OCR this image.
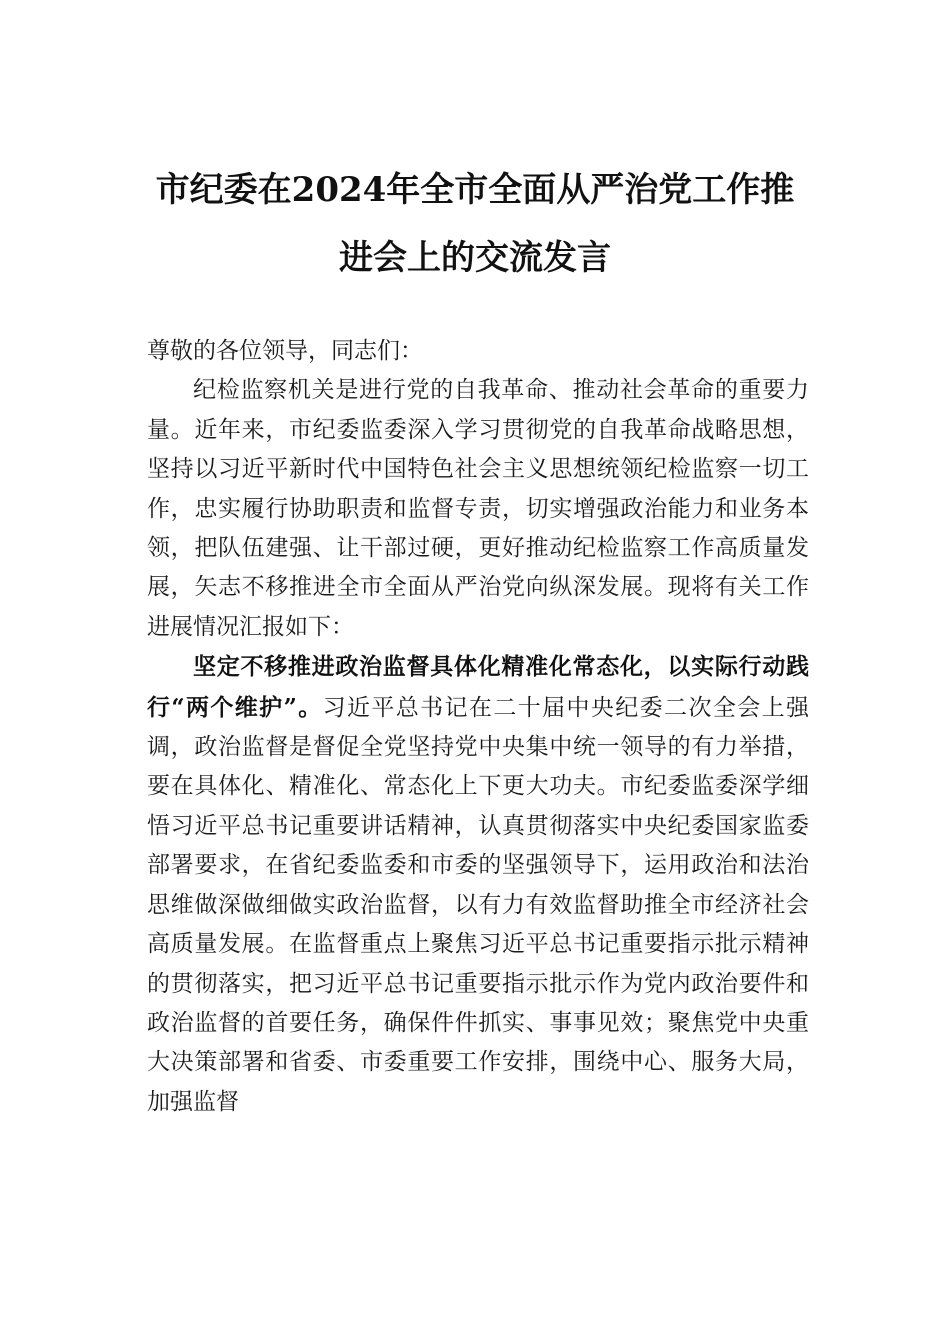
市纪委在2024年全市全面从严治党工作推
进会上的交流发言

尊敬的各位领导，同志们：

纪检监察机关是进行党的自我革命、推动社会革命的重要力量。近年来，市纪委监委深入学习贯彻党的自我革命战略思想，坚持以习近平新时代中国特色社会主义思想统领纪检监察一切工作，忠实履行协助职责和监督专责，切实增强政治能力和业务本领，把队伍建强、让干部过硬，更好推动纪检监察工作高质量发展，矢志不移推进全市全面从严治党向纵深发展。现将有关工作进展情况汇报如下：

坚定不移推进政治监督具体化精准化常态化，以实际行动践行“两个维护”。习近平总书记在二十届中央纪委二次全会上强调，政治监督是督促全党坚持党中央集中统一领导的有力举措，要在具体化、精准化、常态化上下更大功夫。市纪委监委深学细悟习近平总书记重要讲话精神，认真贯彻落实中央纪委国家监委部署要求，在省纪委监委和市委的坚强领导下，运用政治和法治思维做深做细做实政治监督，以有力有效监督助推全市经济社会高质量发展。在监督重点上聚焦习近平总书记重要指示批示精神的贯彻落实，把习近平总书记重要指示批示作为党内政治要件和政治监督的首要任务，确保件件抓实、事事见效；聚焦党中央重大决策部署和省委、市委重要工作安排，围绕中心、服务大局，加强监督
